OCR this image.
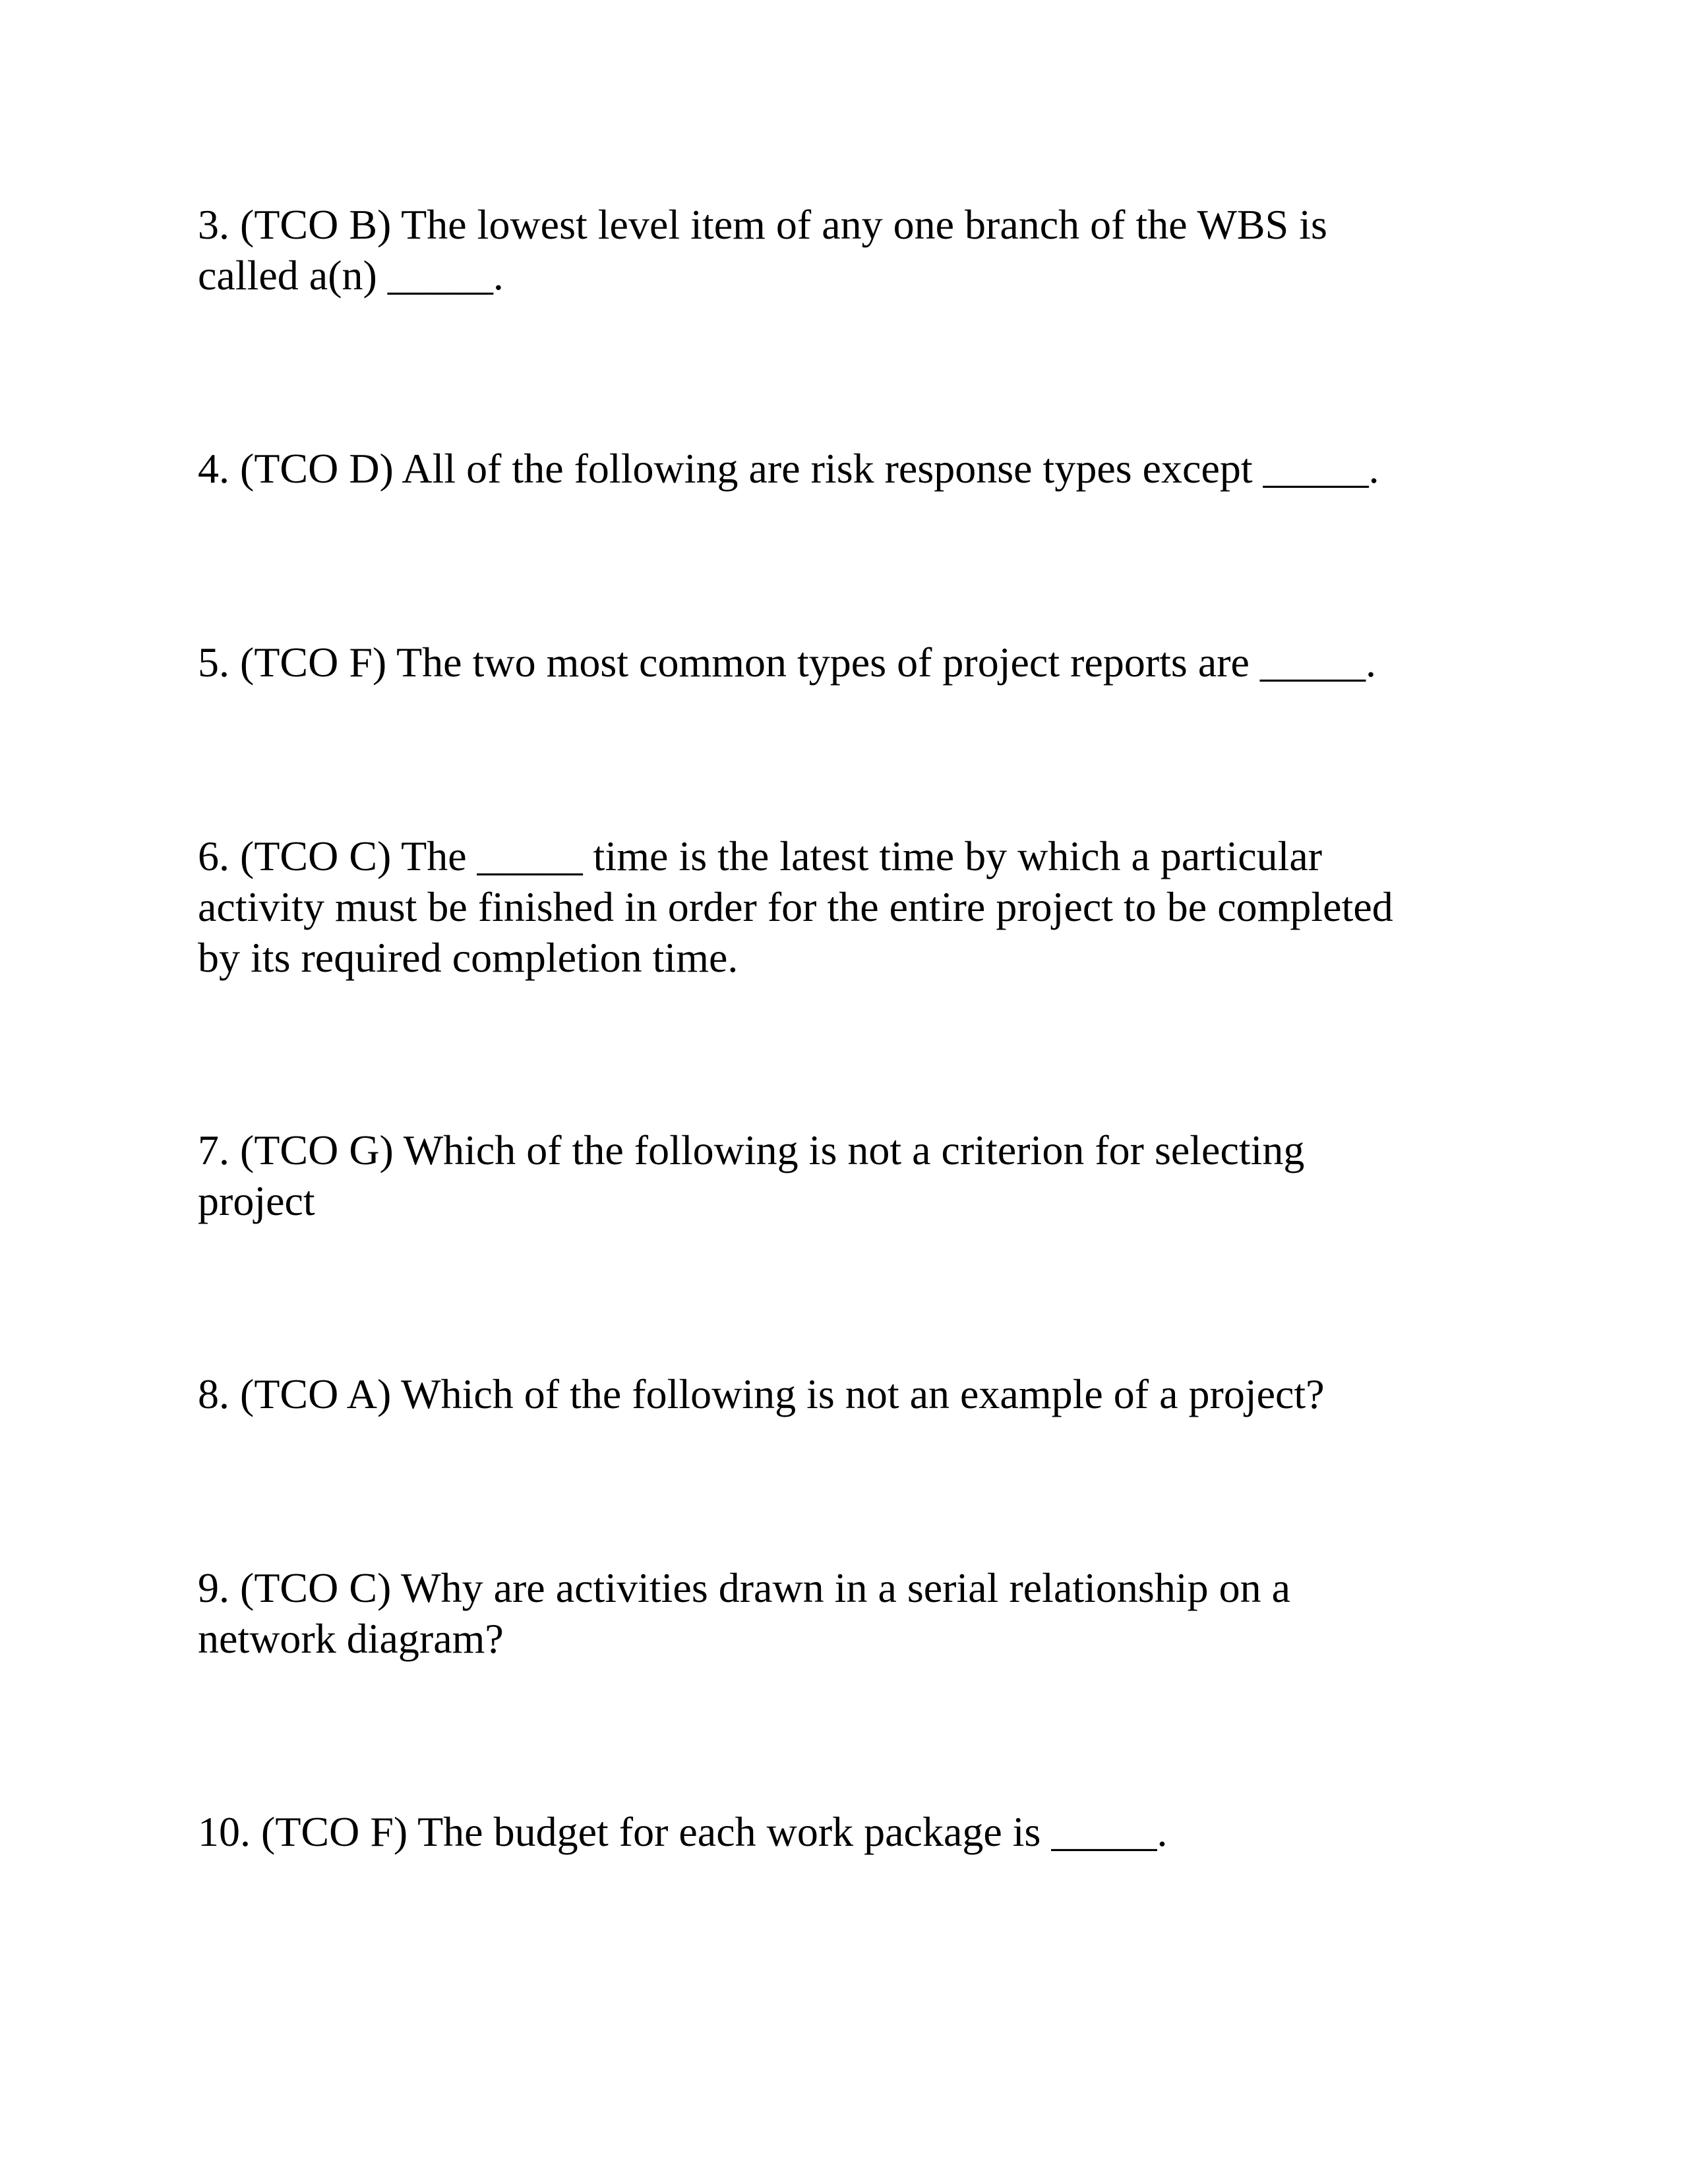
3. (TCO B) The lowest level item of any one branch of the WBS is
called a(n) _____.

4. (TCO D) All of the following are risk response types except _____.

5. (TCO F) The two most common types of project reports are _____.

6. (TCO C) The _____ time is the latest time by which a particular
activity must be finished in order for the entire project to be completed
by its required completion time.

7. (TCO G) Which of the following is not a criterion for selecting
project

8. (TCO A) Which of the following is not an example of a project?

9. (TCO C) Why are activities drawn in a serial relationship on a
network diagram?

10. (TCO F) The budget for each work package is _____.
